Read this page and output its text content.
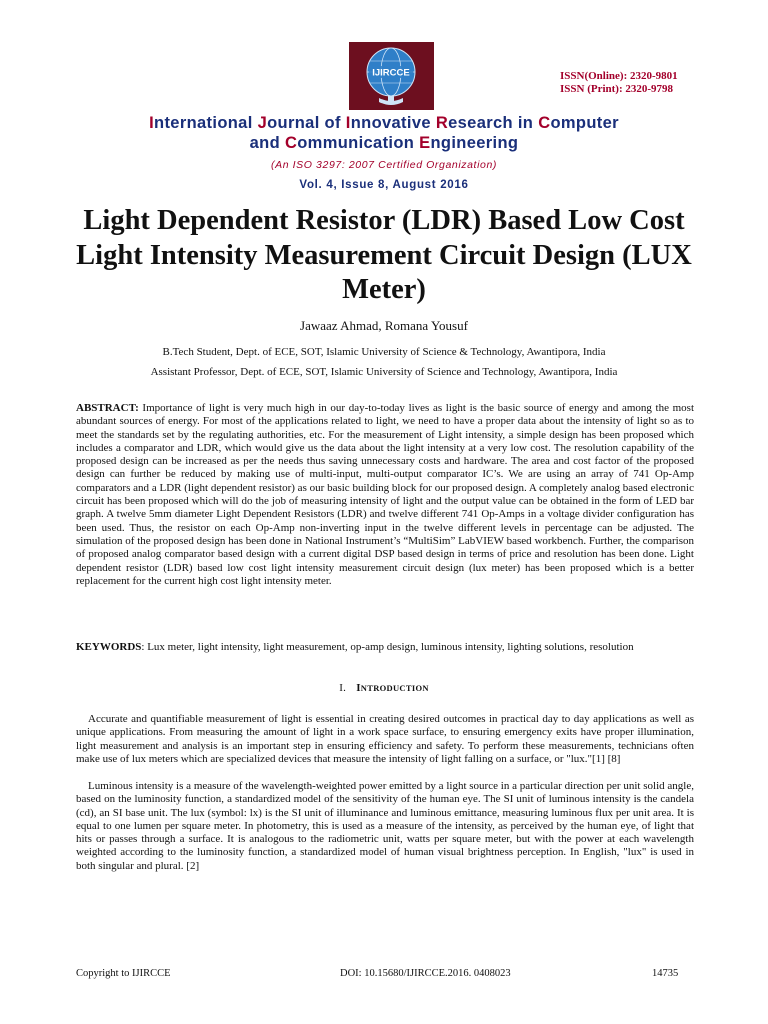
IJIRCCE	ISSN(Online): 2320-9801
ISSN (Print): 2320-9798
International Journal of Innovative Research in Computer
and Communication Engineering
(An ISO 3297: 2007 Certified Organization)
Vol. 4, Issue 8, August 2016
Light Dependent Resistor (LDR) Based Low Cost Light Intensity Measurement Circuit Design (LUX Meter)
Jawaaz Ahmad, Romana Yousuf
B.Tech Student, Dept. of ECE, SOT, Islamic University of Science & Technology, Awantipora, India
Assistant Professor, Dept. of ECE, SOT, Islamic University of Science and Technology, Awantipora, India
ABSTRACT: Importance of light is very much high in our day-to-today lives as light is the basic source of energy and among the most abundant sources of energy. For most of the applications related to light, we need to have a proper data about the intensity of light so as to meet the standards set by the regulating authorities, etc. For the measurement of Light intensity, a simple design has been proposed which includes a comparator and LDR, which would give us the data about the light intensity at a very low cost. The resolution capability of the proposed design can be increased as per the needs thus saving unnecessary costs and hardware. The area and cost factor of the proposed design can further be reduced by making use of multi-input, multi-output comparator IC’s. We are using an array of 741 Op-Amp comparators and a LDR (light dependent resistor) as our basic building block for our proposed design. A completely analog based electronic circuit has been proposed which will do the job of measuring intensity of light and the output value can be obtained in the form of LED bar graph. A twelve 5mm diameter Light Dependent Resistors (LDR) and twelve different 741 Op-Amps in a voltage divider configuration has been used. Thus, the resistor on each Op-Amp non-inverting input in the twelve different levels in percentage can be adjusted. The simulation of the proposed design has been done in National Instrument’s “MultiSim” LabVIEW based workbench. Further, the comparison of proposed analog comparator based design with a current digital DSP based design in terms of price and resolution has been done. Light dependent resistor (LDR) based low cost light intensity measurement circuit design (lux meter) has been proposed which is a better replacement for the current high cost light intensity meter.
KEYWORDS: Lux meter, light intensity, light measurement, op-amp design, luminous intensity, lighting solutions, resolution
I. INTRODUCTION
Accurate and quantifiable measurement of light is essential in creating desired outcomes in practical day to day applications as well as unique applications. From measuring the amount of light in a work space surface, to ensuring emergency exits have proper illumination, light measurement and analysis is an important step in ensuring efficiency and safety. To perform these measurements, technicians often make use of lux meters which are specialized devices that measure the intensity of light falling on a surface, or "lux."[1] [8]
Luminous intensity is a measure of the wavelength-weighted power emitted by a light source in a particular direction per unit solid angle, based on the luminosity function, a standardized model of the sensitivity of the human eye. The SI unit of luminous intensity is the candela (cd), an SI base unit. The lux (symbol: lx) is the SI unit of illuminance and luminous emittance, measuring luminous flux per unit area. It is equal to one lumen per square meter. In photometry, this is used as a measure of the intensity, as perceived by the human eye, of light that hits or passes through a surface. It is analogous to the radiometric unit, watts per square meter, but with the power at each wavelength weighted according to the luminosity function, a standardized model of human visual brightness perception. In English, "lux" is used in both singular and plural. [2]
Copyright to IJIRCCE	DOI: 10.15680/IJIRCCE.2016. 0408023	14735
